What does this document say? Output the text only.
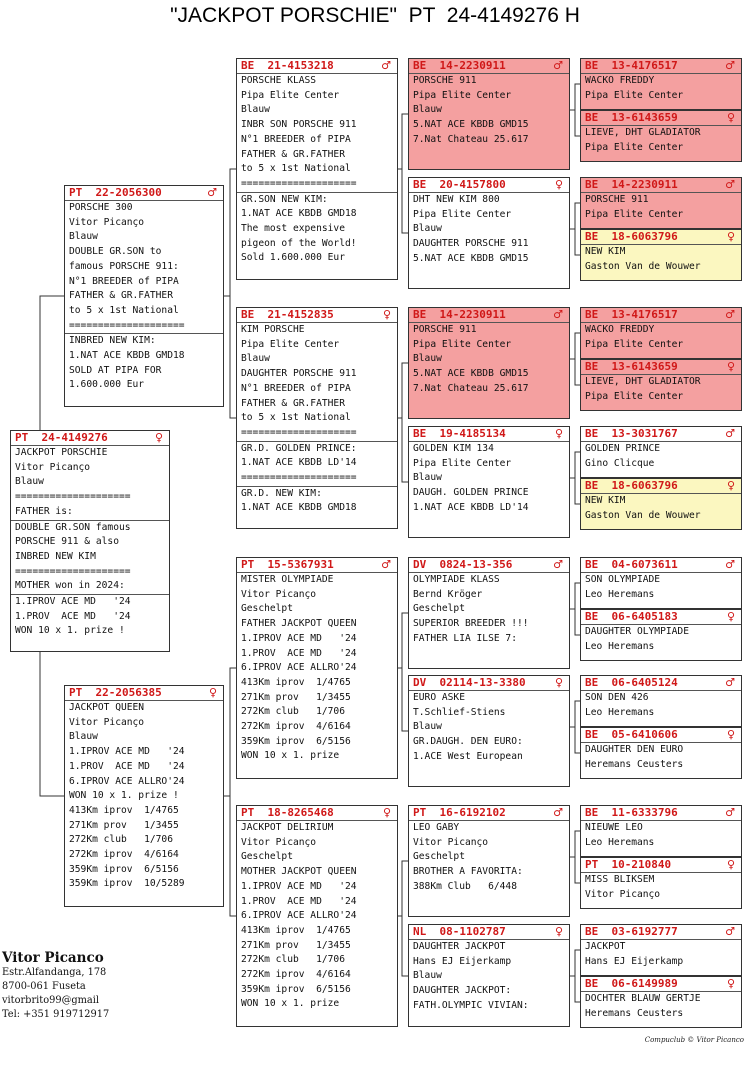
"JACKPOT PORSCHIE"  PT  24-4149276 H
PT  24-4149276	♀
JACKPOT PORSCHIE
Vitor Picanço
Blauw
====================
FATHER is:
DOUBLE GR.SON famous
PORSCHE 911 & also
INBRED NEW KIM
====================
MOTHER won in 2024:
1.IPROV ACE MD   '24
1.PROV  ACE MD   '24
WON 10 x 1. prize !
PT  22-2056300	♂
PORSCHE 300
Vitor Picanço
Blauw
DOUBLE GR.SON to
famous PORSCHE 911:
N°1 BREEDER of PIPA
FATHER & GR.FATHER
to 5 x 1st National
====================
INBRED NEW KIM:
1.NAT ACE KBDB GMD18
SOLD AT PIPA FOR
1.600.000 Eur
PT  22-2056385	♀
JACKPOT QUEEN
Vitor Picanço
Blauw
1.IPROV ACE MD   '24
1.PROV  ACE MD   '24
6.IPROV ACE ALLRO'24
WON 10 x 1. prize !
413Km iprov  1/4765
271Km prov   1/3455
272Km club   1/706
272Km iprov  4/6164
359Km iprov  6/5156
359Km iprov  10/5289
BE  21-4153218	♂
PORSCHE KLASS
Pipa Elite Center
Blauw
INBR SON PORSCHE 911
N°1 BREEDER of PIPA
FATHER & GR.FATHER
to 5 x 1st National
====================
GR.SON NEW KIM:
1.NAT ACE KBDB GMD18
The most expensive
pigeon of the World!
Sold 1.600.000 Eur
BE  21-4152835	♀
KIM PORSCHE
Pipa Elite Center
Blauw
DAUGHTER PORSCHE 911
N°1 BREEDER of PIPA
FATHER & GR.FATHER
to 5 x 1st National
====================
GR.D. GOLDEN PRINCE:
1.NAT ACE KBDB LD'14
====================
GR.D. NEW KIM:
1.NAT ACE KBDB GMD18
PT  15-5367931	♂
MISTER OLYMPIADE
Vitor Picanço
Geschelpt
FATHER JACKPOT QUEEN
1.IPROV ACE MD   '24
1.PROV  ACE MD   '24
6.IPROV ACE ALLRO'24
413Km iprov  1/4765
271Km prov   1/3455
272Km club   1/706
272Km iprov  4/6164
359Km iprov  6/5156
WON 10 x 1. prize
PT  18-8265468	♀
JACKPOT DELIRIUM
Vitor Picanço
Geschelpt
MOTHER JACKPOT QUEEN
1.IPROV ACE MD   '24
1.PROV  ACE MD   '24
6.IPROV ACE ALLRO'24
413Km iprov  1/4765
271Km prov   1/3455
272Km club   1/706
272Km iprov  4/6164
359Km iprov  6/5156
WON 10 x 1. prize
BE  14-2230911	♂
PORSCHE 911
Pipa Elite Center
Blauw
5.NAT ACE KBDB GMD15
7.Nat Chateau 25.617
BE  20-4157800	♀
DHT NEW KIM 800
Pipa Elite Center
Blauw
DAUGHTER PORSCHE 911
5.NAT ACE KBDB GMD15
BE  14-2230911	♂
PORSCHE 911
Pipa Elite Center
Blauw
5.NAT ACE KBDB GMD15
7.Nat Chateau 25.617
BE  19-4185134	♀
GOLDEN KIM 134
Pipa Elite Center
Blauw
DAUGH. GOLDEN PRINCE
1.NAT ACE KBDB LD'14
DV  0824-13-356	♂
OLYMPIADE KLASS
Bernd Kröger
Geschelpt
SUPERIOR BREEDER !!!
FATHER LIA ILSE 7:
DV  02114-13-3380	♀
EURO ASKE
T.Schlief-Stiens
Blauw
GR.DAUGH. DEN EURO:
1.ACE West European
PT  16-6192102	♂
LEO GABY
Vitor Picanço
Geschelpt
BROTHER A FAVORITA:
388Km Club   6/448
NL  08-1102787	♀
DAUGHTER JACKPOT
Hans EJ Eijerkamp
Blauw
DAUGHTER JACKPOT:
FATH.OLYMPIC VIVIAN:
BE  13-4176517	♂
WACKO FREDDY
Pipa Elite Center
BE  13-6143659	♀
LIEVE, DHT GLADIATOR
Pipa Elite Center
BE  14-2230911	♂
PORSCHE 911
Pipa Elite Center
BE  18-6063796	♀
NEW KIM
Gaston Van de Wouwer
BE  13-4176517	♂
WACKO FREDDY
Pipa Elite Center
BE  13-6143659	♀
LIEVE, DHT GLADIATOR
Pipa Elite Center
BE  13-3031767	♂
GOLDEN PRINCE
Gino Clicque
BE  18-6063796	♀
NEW KIM
Gaston Van de Wouwer
BE  04-6073611	♂
SON OLYMPIADE
Leo Heremans
BE  06-6405183	♀
DAUGHTER OLYMPIADE
Leo Heremans
BE  06-6405124	♂
SON DEN 426
Leo Heremans
BE  05-6410606	♀
DAUGHTER DEN EURO
Heremans Ceusters
BE  11-6333796	♂
NIEUWE LEO
Leo Heremans
PT  10-210840	♀
MISS BLIKSEM
Vitor Picanço
BE  03-6192777	♂
JACKPOT
Hans EJ Eijerkamp
BE  06-6149989	♀
DOCHTER BLAUW GERTJE
Heremans Ceusters
Vitor Picanco
Estr.Alfandanga, 178
8700-061 Fuseta
vitorbrito99@gmail
Tel: +351 919712917
Compuclub © Vitor Picanco
